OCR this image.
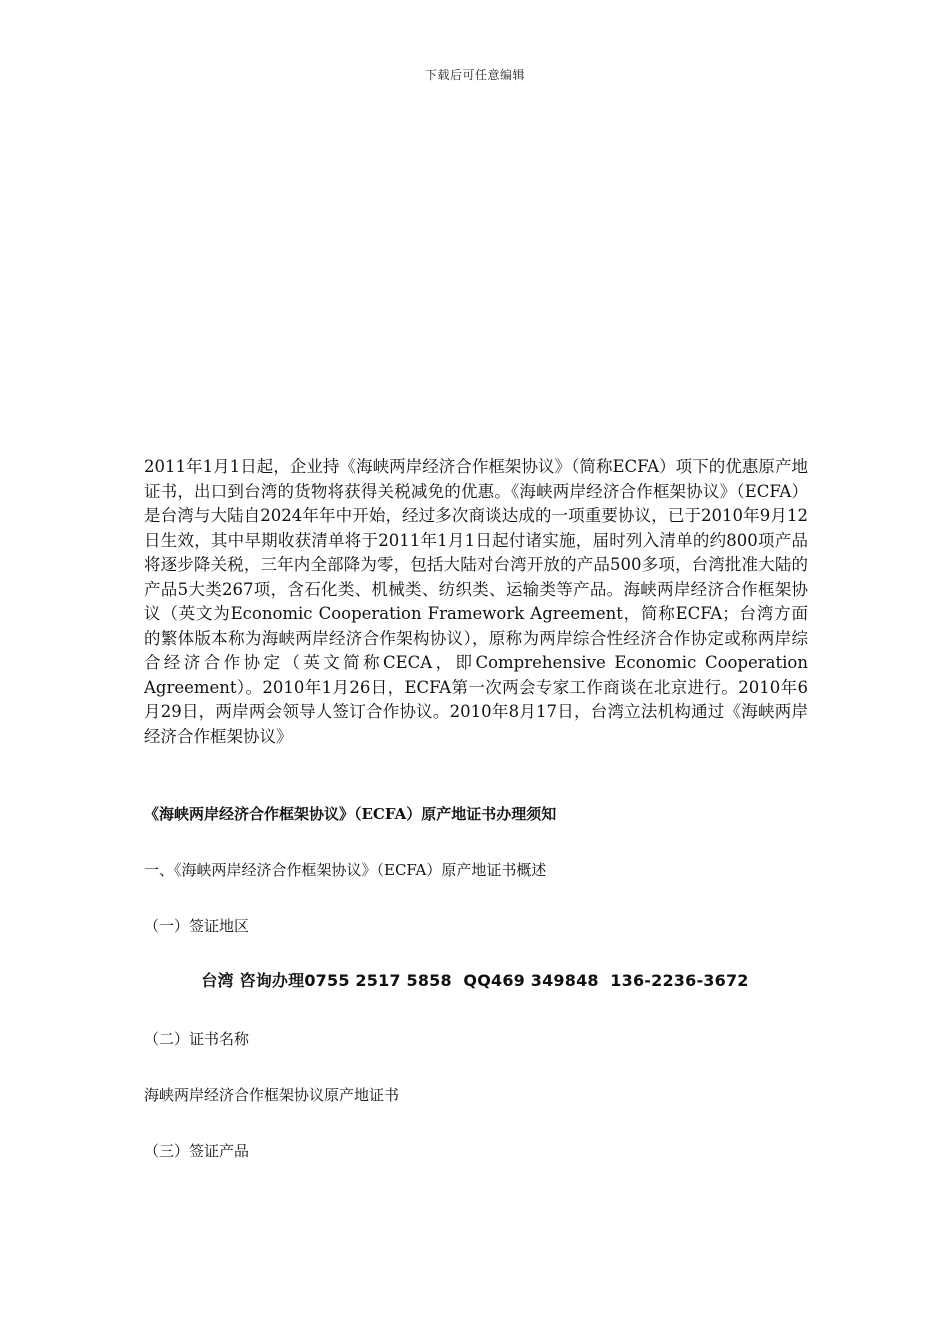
下载后可任意编辑

2011年1月1日起，企业持《海峡两岸经济合作框架协议》（简称ECFA）项下的优惠原产地证书，出口到台湾的货物将获得关税减免的优惠。《海峡两岸经济合作框架协议》（ECFA）是台湾与大陆自2024年年中开始，经过多次商谈达成的一项重要协议，已于2010年9月12日生效，其中早期收获清单将于2011年1月1日起付诸实施，届时列入清单的约800项产品将逐步降关税，三年内全部降为零，包括大陆对台湾开放的产品500多项，台湾批准大陆的产品5大类267项，含石化类、机械类、纺织类、运输类等产品。海峡两岸经济合作框架协议（英文为Economic Cooperation Framework Agreement，简称ECFA；台湾方面的繁体版本称为海峡两岸经济合作架构协议），原称为两岸综合性经济合作协定或称两岸综合经济合作协定（英文简称CECA，即Comprehensive Economic Cooperation Agreement）。2010年1月26日，ECFA第一次两会专家工作商谈在北京进行。2010年6月29日，两岸两会领导人签订合作协议。2010年8月17日，台湾立法机构通过《海峡两岸经济合作框架协议》

《海峡两岸经济合作框架协议》（ECFA）原产地证书办理须知

一、《海峡两岸经济合作框架协议》（ECFA）原产地证书概述

（一）签证地区

台湾 咨询办理0755 2517 5858  QQ469 349848  136-2236-3672

（二）证书名称

海峡两岸经济合作框架协议原产地证书

（三）签证产品
